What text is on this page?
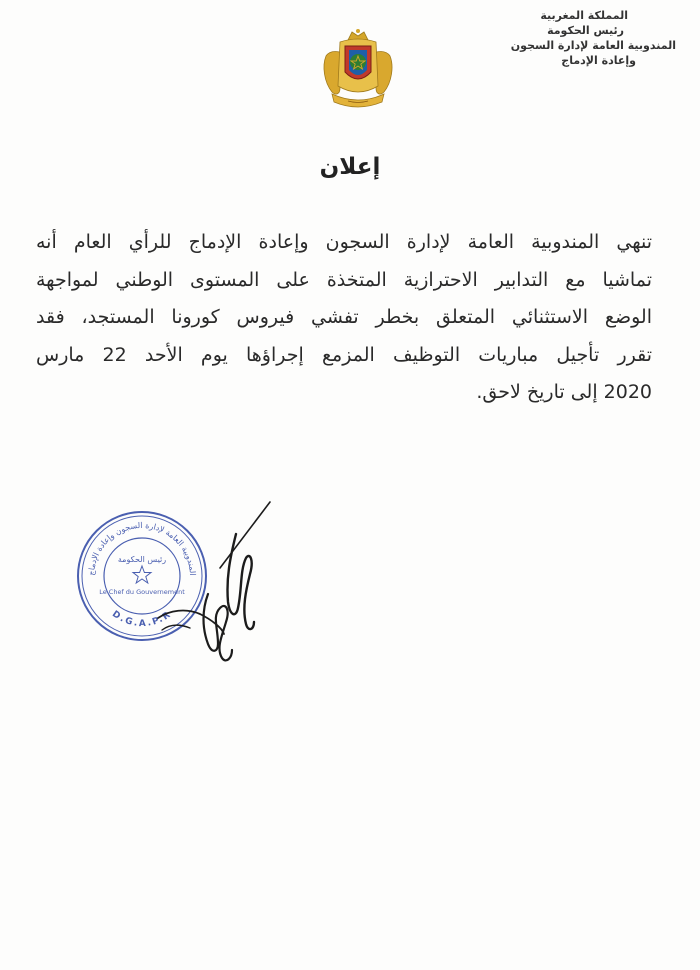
المملكة المغربية
رئيس الحكومة
المندوبية العامة لإدارة السجون
وإعادة الإدماج
إعلان
تنهي المندوبية العامة لإدارة السجون وإعادة الإدماج للرأي العام أنه
تماشيا مع التدابير الاحترازية المتخذة على المستوى الوطني لمواجهة
الوضع الاستثنائي المتعلق بخطر تفشي فيروس كورونا المستجد، فقد
تقرر تأجيل مباريات التوظيف المزمع إجراؤها يوم الأحد 22 مارس
2020 إلى تاريخ لاحق.
المندوبية العامة لإدارة السجون وإعادة الإدماج
D.G.A.P.R
رئيس الحكومة
Le Chef du Gouvernement
